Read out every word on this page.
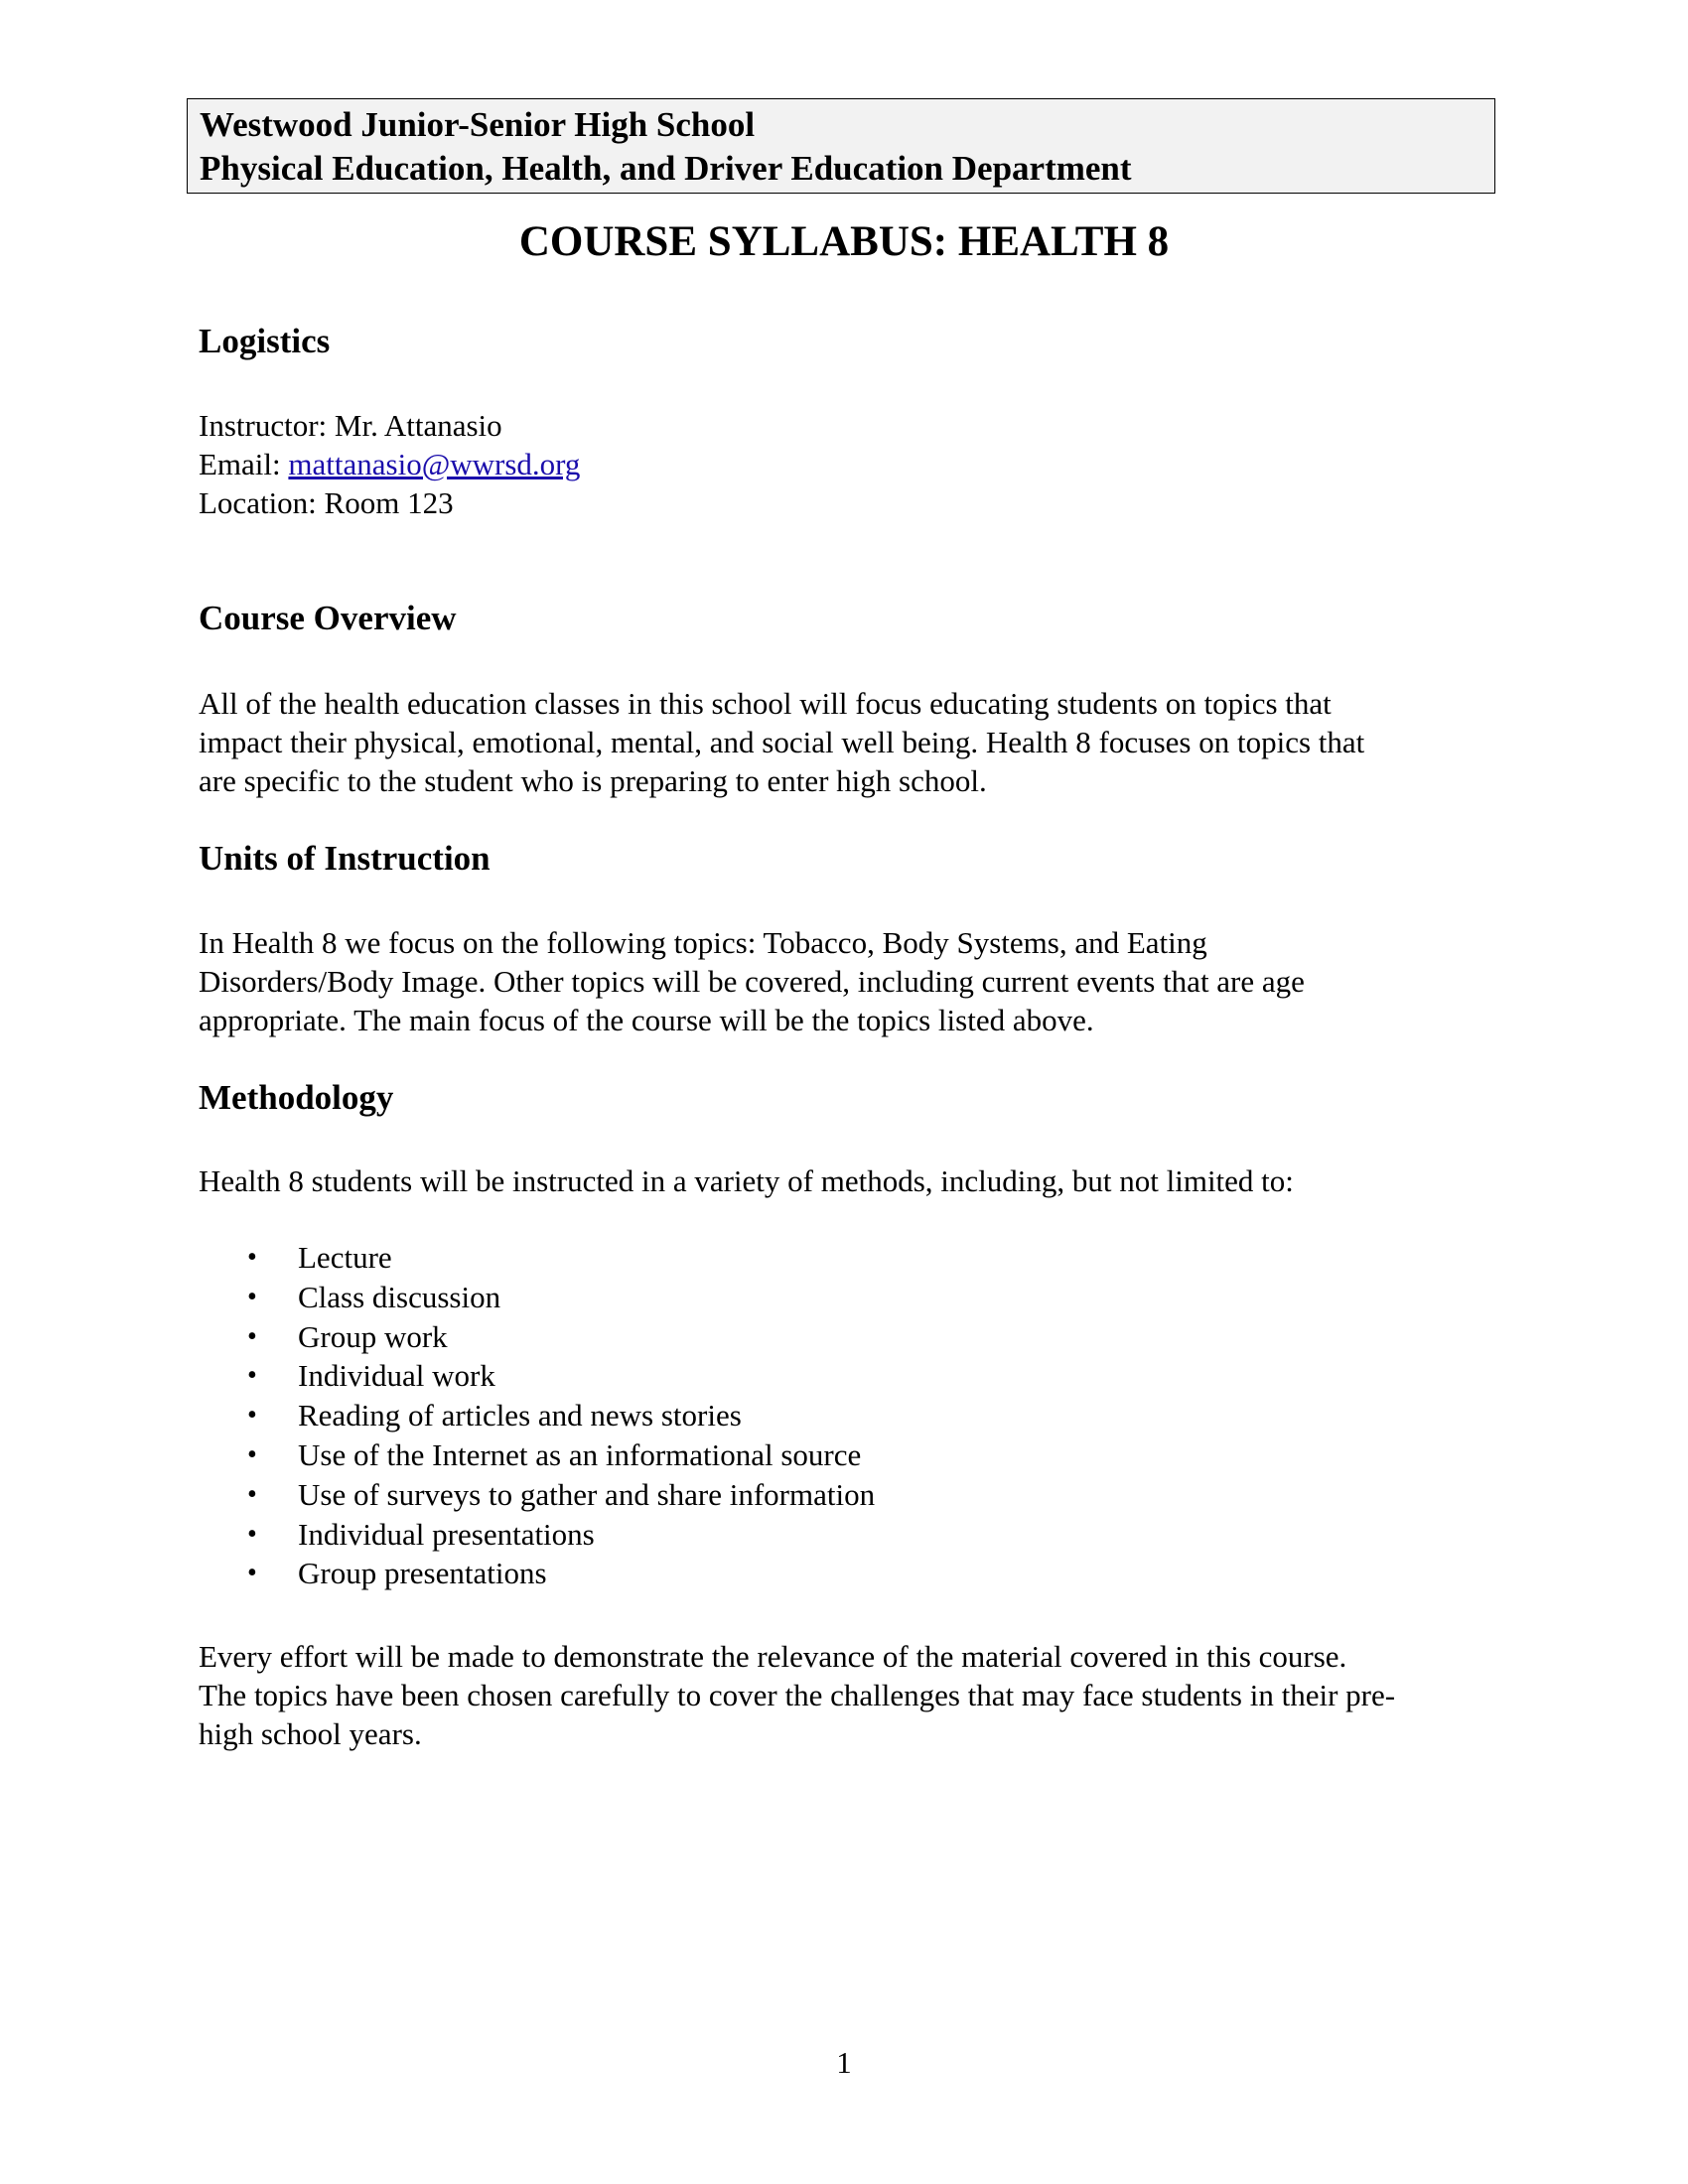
Westwood Junior-Senior High School
Physical Education, Health, and Driver Education Department
COURSE SYLLABUS: HEALTH 8
Logistics
Instructor: Mr. Attanasio
Email: mattanasio@wwrsd.org
Location: Room 123
Course Overview
All of the health education classes in this school will focus educating students on topics that
impact their physical, emotional, mental, and social well being. Health 8 focuses on topics that
are specific to the student who is preparing to enter high school.
Units of Instruction
In Health 8 we focus on the following topics: Tobacco, Body Systems, and Eating
Disorders/Body Image. Other topics will be covered, including current events that are age
appropriate. The main focus of the course will be the topics listed above.
Methodology
Health 8 students will be instructed in a variety of methods, including, but not limited to:
• Lecture
• Class discussion
• Group work
• Individual work
• Reading of articles and news stories
• Use of the Internet as an informational source
• Use of surveys to gather and share information
• Individual presentations
• Group presentations
Every effort will be made to demonstrate the relevance of the material covered in this course.
The topics have been chosen carefully to cover the challenges that may face students in their pre-
high school years.
1
